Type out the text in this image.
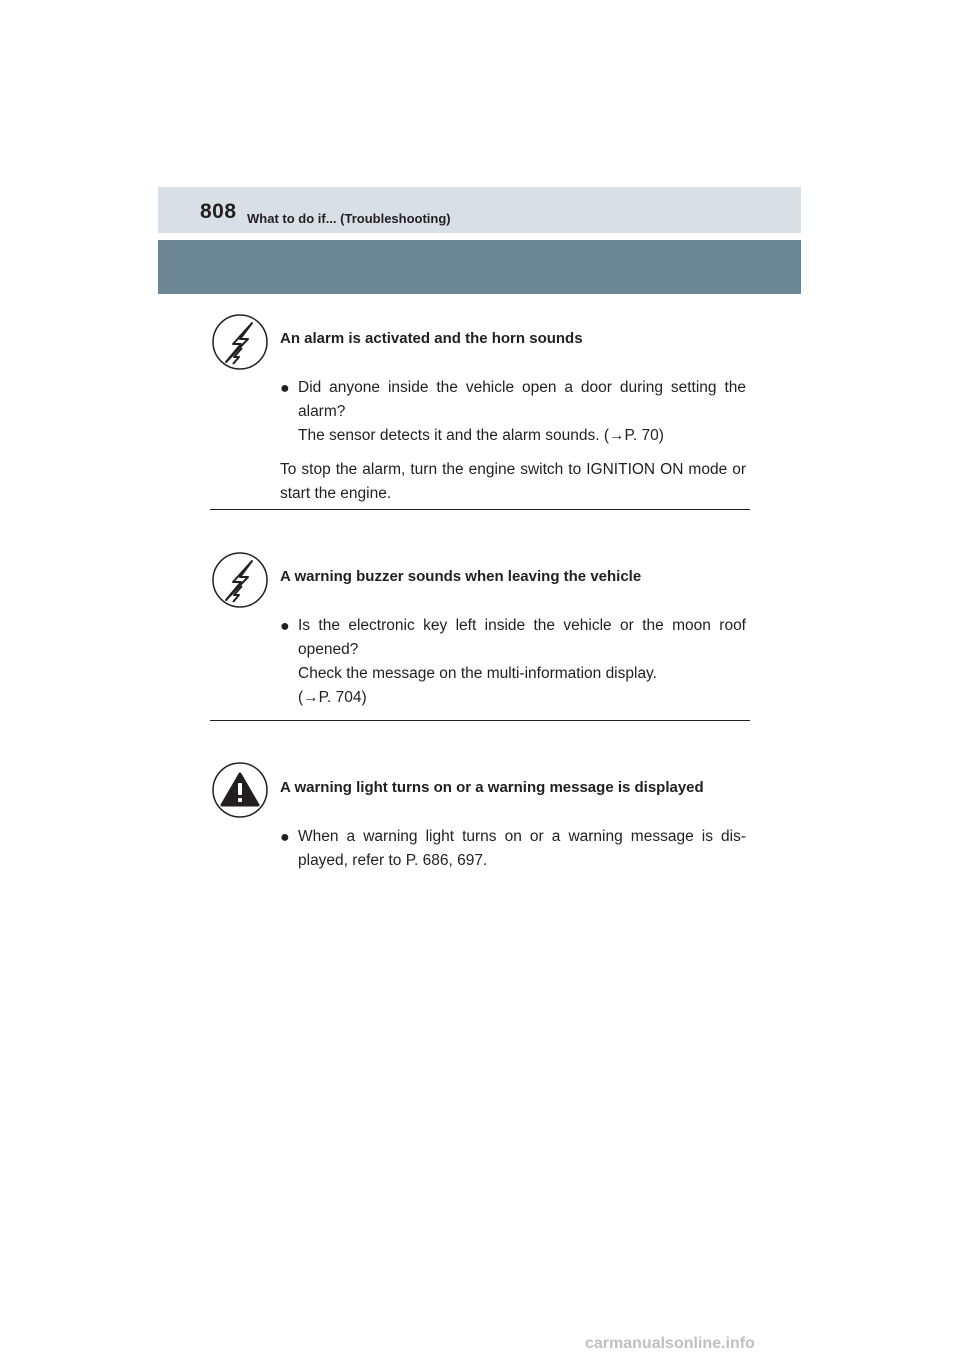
808 What to do if... (Troubleshooting)
An alarm is activated and the horn sounds
● Did anyone inside the vehicle open a door during setting the alarm?
The sensor detects it and the alarm sounds. (→P. 70)
To stop the alarm, turn the engine switch to IGNITION ON mode or start the engine.
A warning buzzer sounds when leaving the vehicle
● Is the electronic key left inside the vehicle or the moon roof opened?
Check the message on the multi-information display.
(→P. 704)
A warning light turns on or a warning message is displayed
● When a warning light turns on or a warning message is dis-played, refer to P. 686, 697.
carmanualsonline.info
